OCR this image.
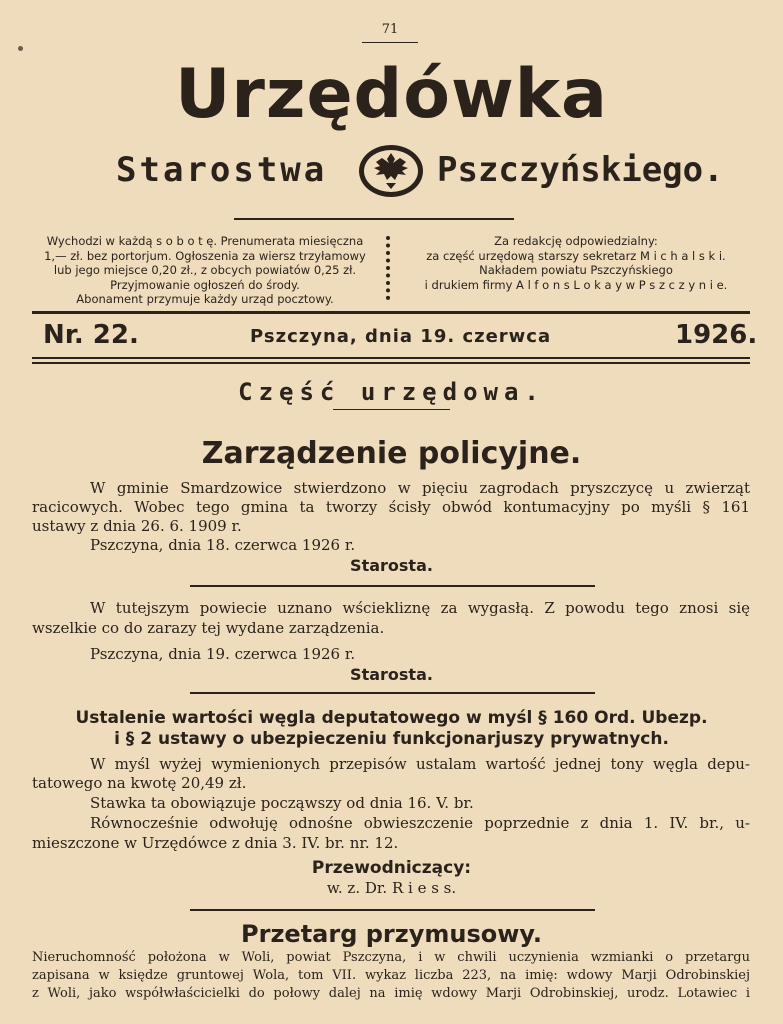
71
Urzędówka
Starostwa	Pszczyńskiego.
Wychodzi w każdą s o b o t ę. Prenumerata miesięczna
1,— zł. bez portorjum. Ogłoszenia za wiersz trzyłamowy
lub jego miejsce 0,20 zł., z obcych powiatów 0,25 zł.
Przyjmowanie ogłoszeń do środy.
Abonament przymuje każdy urząd pocztowy.
Za redakcję odpowiedzialny:
za część urzędową starszy sekretarz M i c h a l s k i.
Nakładem powiatu Pszczyńskiego
i drukiem firmy A l f o n s L o k a y w P s z c z y n i e.
Nr. 22.	Pszczyna, dnia 19. czerwca	1926.
Część urzędowa.
Zarządzenie policyjne.
W gminie Smardzowice stwierdzono w pięciu zagrodach pryszczycę u zwierząt
racicowych. Wobec tego gmina ta tworzy ścisły obwód kontumacyjny po myśli § 161
ustawy z dnia 26. 6. 1909 r.
Pszczyna, dnia 18. czerwca 1926 r.
Starosta.
W tutejszym powiecie uznano wściekliznę za wygasłą. Z powodu tego znosi się
wszelkie co do zarazy tej wydane zarządzenia.
Pszczyna, dnia 19. czerwca 1926 r.
Starosta.
Ustalenie wartości węgla deputatowego w myśl § 160 Ord. Ubezp.
i § 2 ustawy o ubezpieczeniu funkcjonarjuszy prywatnych.
W myśl wyżej wymienionych przepisów ustalam wartość jednej tony węgla depu-
tatowego na kwotę 20,49 zł.
Stawka ta obowiązuje począwszy od dnia 16. V. br.
Równocześnie odwołuję odnośne obwieszczenie poprzednie z dnia 1. IV. br., u-
mieszczone w Urzędówce z dnia 3. IV. br. nr. 12.
Przewodniczący:
w. z. Dr. R i e s s.
Przetarg przymusowy.
Nieruchomność położona w Woli, powiat Pszczyna, i w chwili uczynienia wzmianki o przetargu
zapisana w księdze gruntowej Wola, tom VII. wykaz liczba 223, na imię: wdowy Marji Odrobinskiej
z Woli, jako współwłaścicielki do połowy dalej na imię wdowy Marji Odrobinskiej, urodz. Lotawiec i
